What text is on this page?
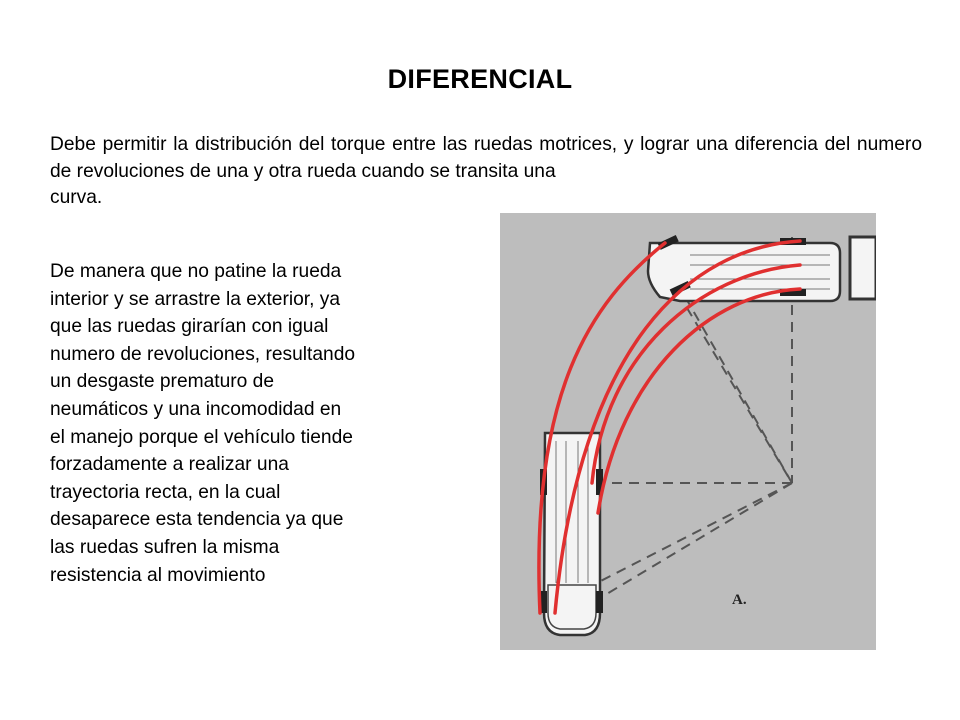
DIFERENCIAL
Debe permitir la distribución del torque entre las ruedas motrices, y lograr una diferencia del numero de revoluciones de una y otra rueda cuando se transita una
curva.
De manera que no patine la rueda
interior y se arrastre la exterior, ya
que las ruedas girarían con igual
numero de revoluciones, resultando
un desgaste prematuro de
neumáticos y una incomodidad en
el manejo porque el vehículo tiende
forzadamente a realizar una
trayectoria recta, en la cual
desaparece esta tendencia ya que
las ruedas sufren la misma
resistencia al movimiento
A.
